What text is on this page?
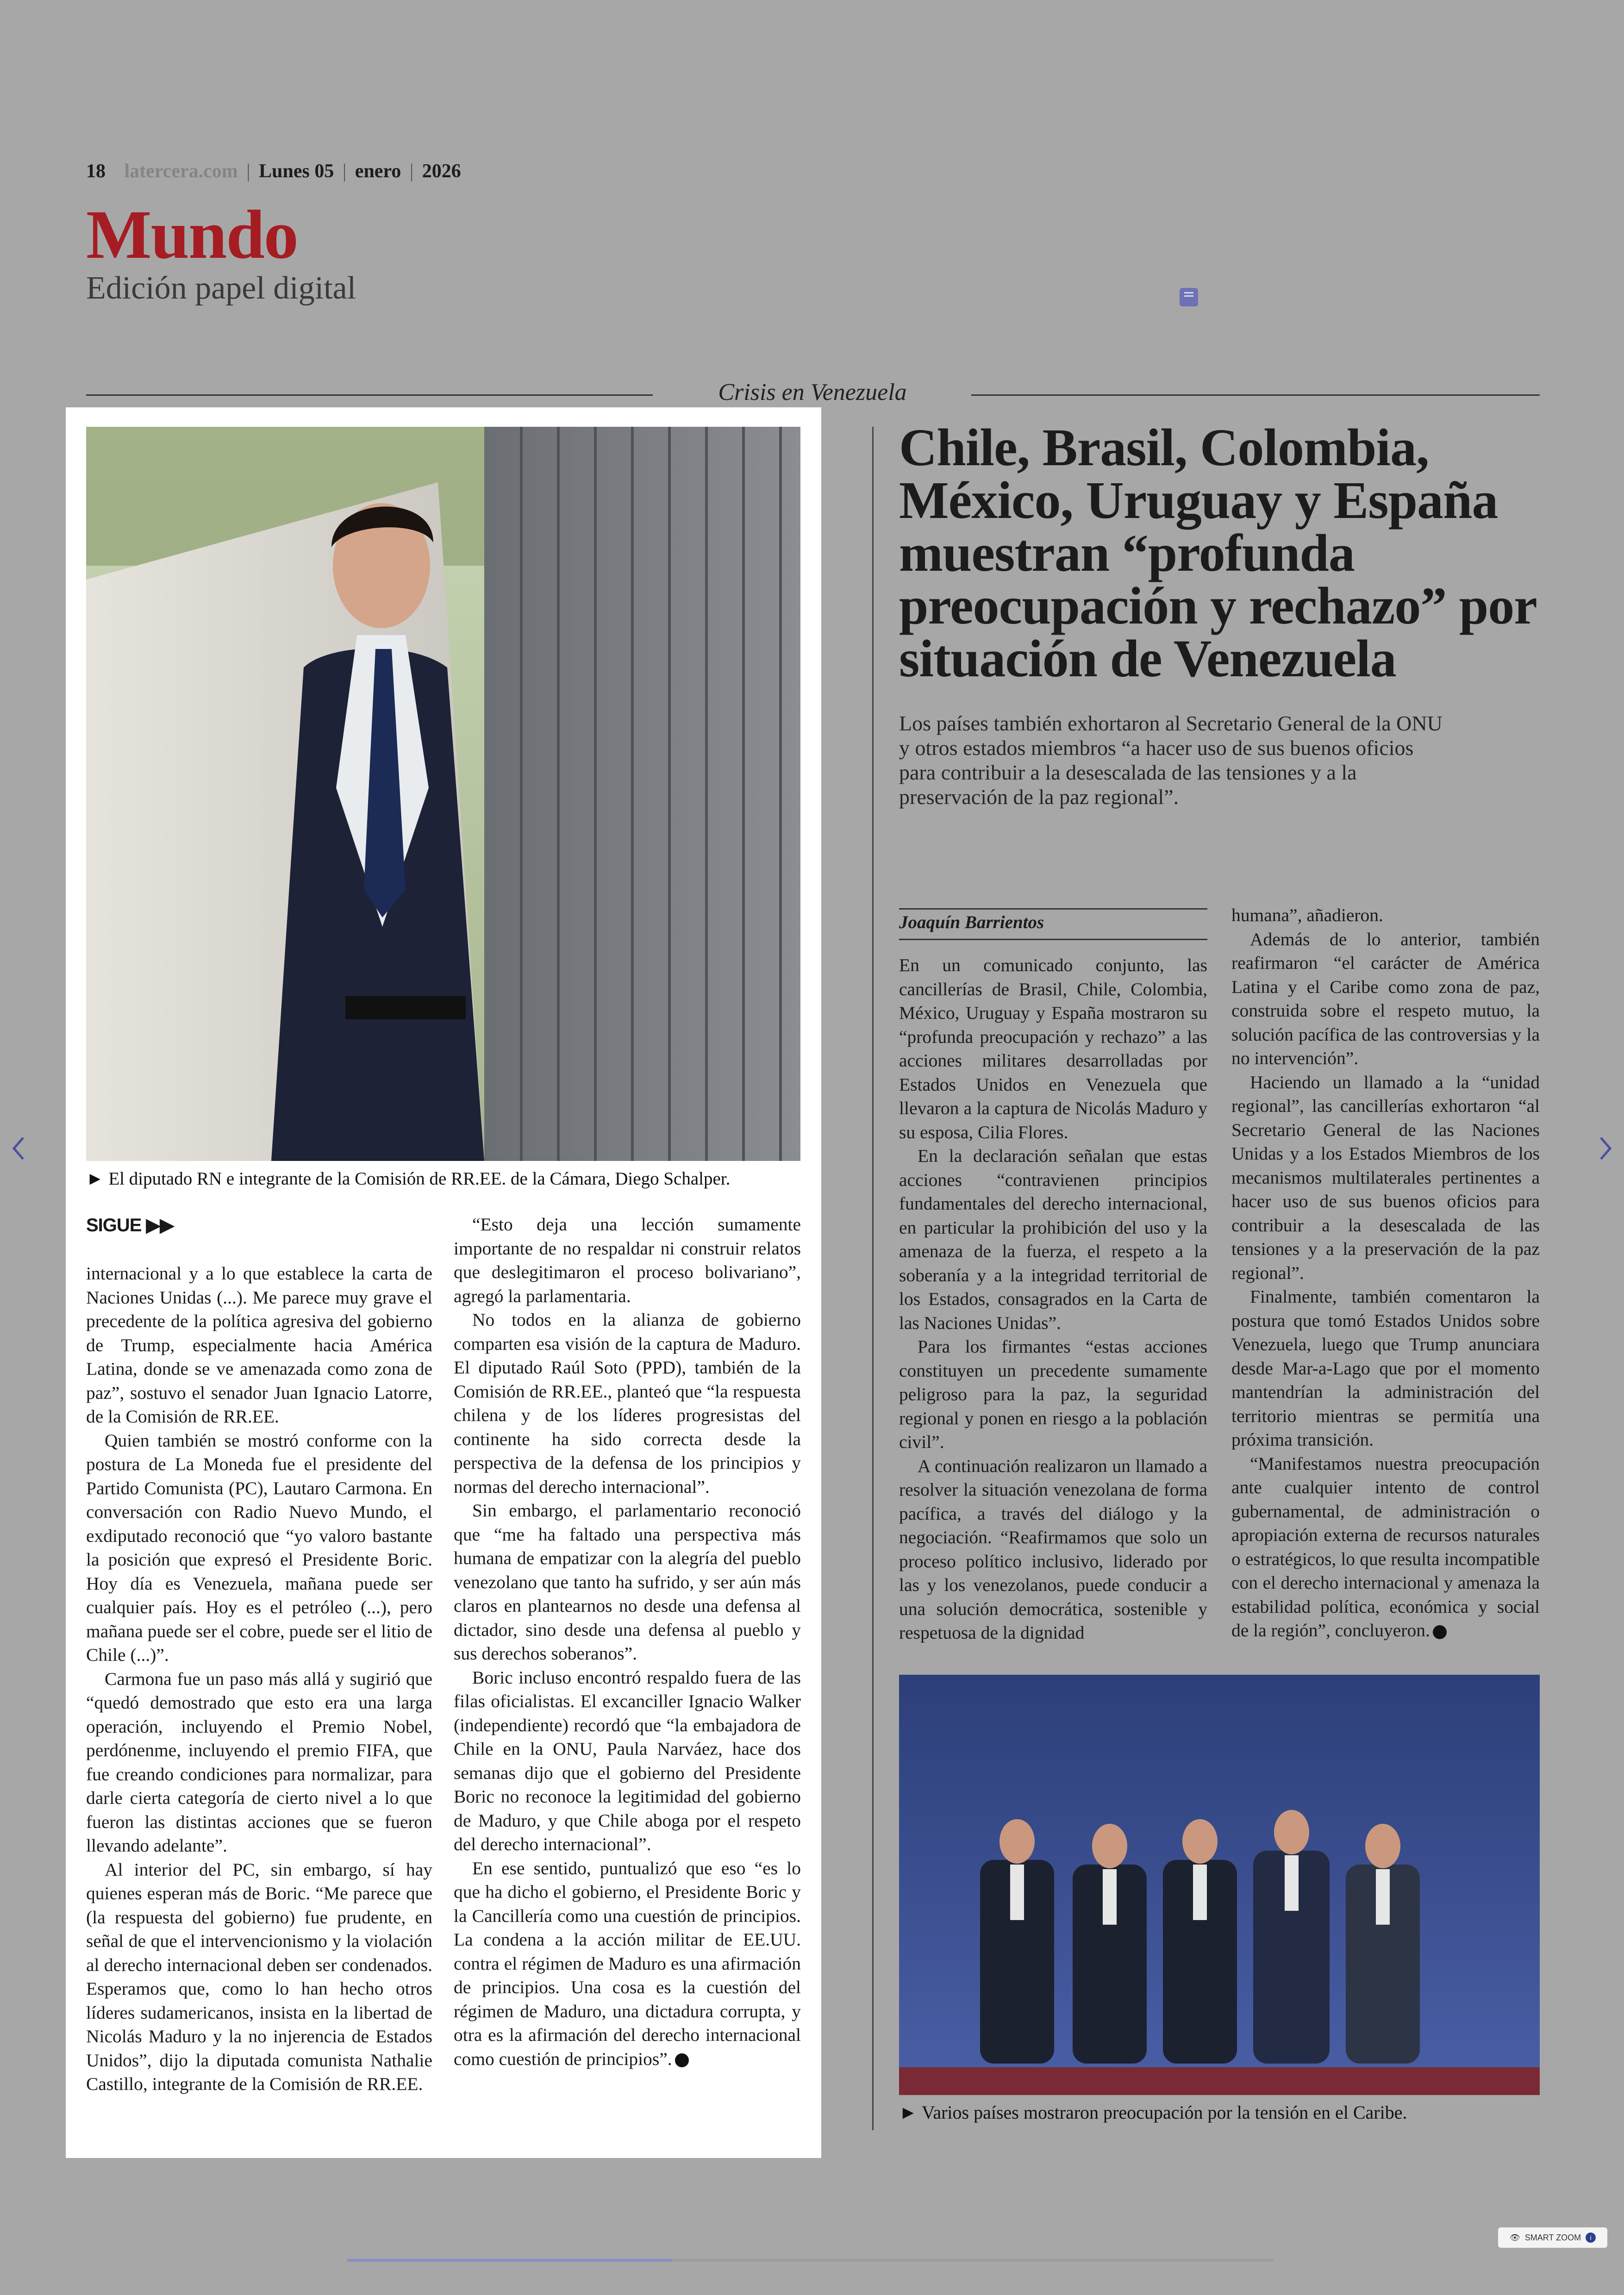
18 latercera.com | Lunes 05 | enero | 2026
Mundo
Edición papel digital
Crisis en Venezuela
► El diputado RN e integrante de la Comisión de RR.EE. de la Cámara, Diego Schalper.
SIGUE ▶▶

internacional y a lo que establece la carta de Naciones Unidas (...). Me parece muy grave el precedente de la política agresiva del gobierno de Trump, especialmente hacia América Latina, donde se ve amenazada como zona de paz”, sostuvo el senador Juan Ignacio Latorre, de la Comisión de RR.EE.

Quien también se mostró conforme con la postura de La Moneda fue el presidente del Partido Comunista (PC), Lautaro Carmona. En conversación con Radio Nuevo Mundo, el exdiputado reconoció que “yo valoro bastante la posición que expresó el Presidente Boric. Hoy día es Venezuela, mañana puede ser cualquier país. Hoy es el petróleo (...), pero mañana puede ser el cobre, puede ser el litio de Chile (...)”.

Carmona fue un paso más allá y sugirió que “quedó demostrado que esto era una larga operación, incluyendo el Premio Nobel, perdónenme, incluyendo el premio FIFA, que fue creando condiciones para normalizar, para darle cierta categoría de cierto nivel a lo que fueron las distintas acciones que se fueron llevando adelante”.

Al interior del PC, sin embargo, sí hay quienes esperan más de Boric. “Me parece que (la respuesta del gobierno) fue prudente, en señal de que el intervencionismo y la violación al derecho internacional deben ser condenados. Esperamos que, como lo han hecho otros líderes sudamericanos, insista en la libertad de Nicolás Maduro y la no injerencia de Estados Unidos”, dijo la diputada comunista Nathalie Castillo, integrante de la Comisión de RR.EE.

“Esto deja una lección sumamente importante de no respaldar ni construir relatos que deslegitimaron el proceso bolivariano”, agregó la parlamentaria.

No todos en la alianza de gobierno comparten esa visión de la captura de Maduro. El diputado Raúl Soto (PPD), también de la Comisión de RR.EE., planteó que “la respuesta chilena y de los líderes progresistas del continente ha sido correcta desde la perspectiva de la defensa de los principios y normas del derecho internacional”.

Sin embargo, el parlamentario reconoció que “me ha faltado una perspectiva más humana de empatizar con la alegría del pueblo venezolano que tanto ha sufrido, y ser aún más claros en plantearnos no desde una defensa al dictador, sino desde una defensa al pueblo y sus derechos soberanos”.

Boric incluso encontró respaldo fuera de las filas oficialistas. El excanciller Ignacio Walker (independiente) recordó que “la embajadora de Chile en la ONU, Paula Narváez, hace dos semanas dijo que el gobierno del Presidente Boric no reconoce la legitimidad del gobierno de Maduro, y que Chile aboga por el respeto del derecho internacional”.

En ese sentido, puntualizó que eso “es lo que ha dicho el gobierno, el Presidente Boric y la Cancillería como una cuestión de principios. La condena a la acción militar de EE.UU. contra el régimen de Maduro es una afirmación de principios. Una cosa es la cuestión del régimen de Maduro, una dictadura corrupta, y otra es la afirmación del derecho internacional como cuestión de principios”.

Chile, Brasil, Colombia, México, Uruguay y España muestran “profunda preocupación y rechazo” por situación de Venezuela
Los países también exhortaron al Secretario General de la ONU y otros estados miembros “a hacer uso de sus buenos oficios para contribuir a la desescalada de las tensiones y a la preservación de la paz regional”.
Joaquín Barrientos

En un comunicado conjunto, las cancillerías de Brasil, Chile, Colombia, México, Uruguay y España mostraron su “profunda preocupación y rechazo” a las acciones militares desarrolladas por Estados Unidos en Venezuela que llevaron a la captura de Nicolás Maduro y su esposa, Cilia Flores.

En la declaración señalan que estas acciones “contravienen principios fundamentales del derecho internacional, en particular la prohibición del uso y la amenaza de la fuerza, el respeto a la soberanía y a la integridad territorial de los Estados, consagrados en la Carta de las Naciones Unidas”.

Para los firmantes “estas acciones constituyen un precedente sumamente peligroso para la paz, la seguridad regional y ponen en riesgo a la población civil”.

A continuación realizaron un llamado a resolver la situación venezolana de forma pacífica, a través del diálogo y la negociación. “Reafirmamos que solo un proceso político inclusivo, liderado por las y los venezolanos, puede conducir a una solución democrática, sostenible y respetuosa de la dignidad

humana”, añadieron.

Además de lo anterior, también reafirmaron “el carácter de América Latina y el Caribe como zona de paz, construida sobre el respeto mutuo, la solución pacífica de las controversias y la no intervención”.

Haciendo un llamado a la “unidad regional”, las cancillerías exhortaron “al Secretario General de las Naciones Unidas y a los Estados Miembros de los mecanismos multilaterales pertinentes a hacer uso de sus buenos oficios para contribuir a la desescalada de las tensiones y a la preservación de la paz regional”.

Finalmente, también comentaron la postura que tomó Estados Unidos sobre Venezuela, luego que Trump anunciara desde Mar-a-Lago que por el momento mantendrían la administración del territorio mientras se permitía una próxima transición.

“Manifestamos nuestra preocupación ante cualquier intento de control gubernamental, de administración o apropiación externa de recursos naturales o estratégicos, lo que resulta incompatible con el derecho internacional y amenaza la estabilidad política, económica y social de la región”, concluyeron.

► Varios países mostraron preocupación por la tensión en el Caribe.
👁 SMART ZOOM	i
